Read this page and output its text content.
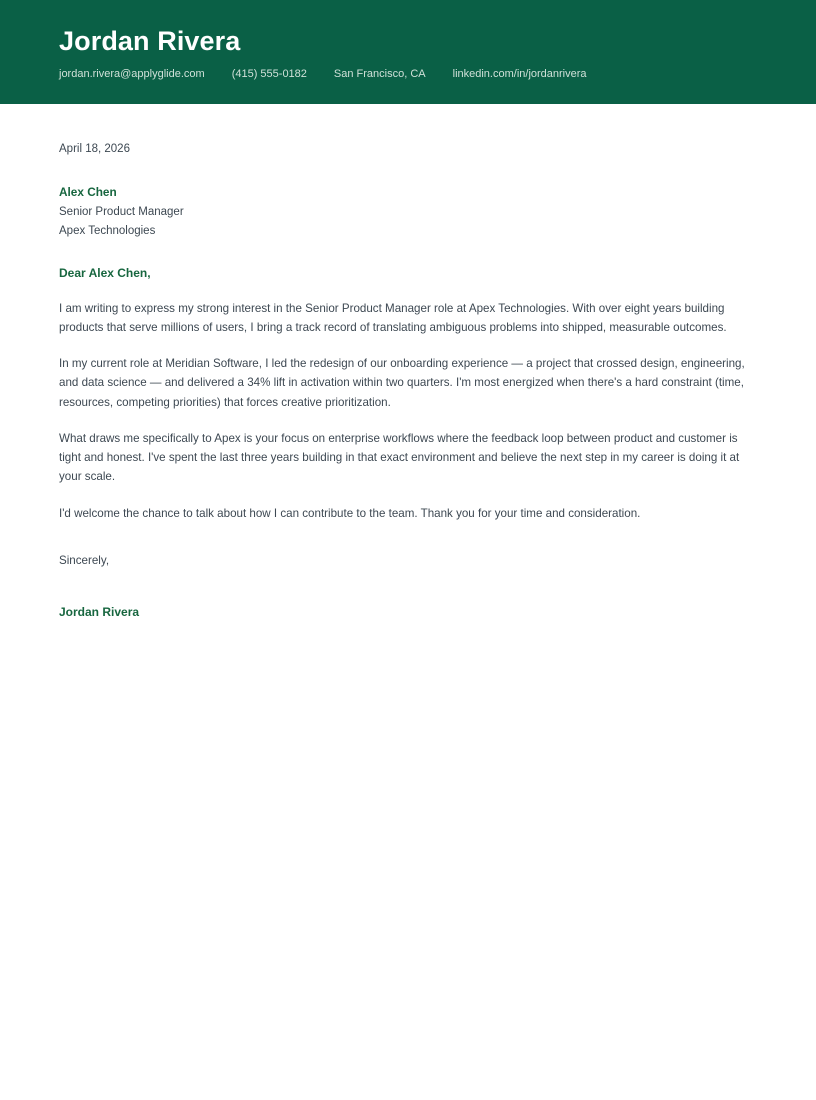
Jordan Rivera
jordan.rivera@applyglide.com (415) 555-0182 San Francisco, CA linkedin.com/in/jordanrivera
April 18, 2026
Alex Chen
Senior Product Manager
Apex Technologies
Dear Alex Chen,

I am writing to express my strong interest in the Senior Product Manager role at Apex Technologies. With over eight years building products that serve millions of users, I bring a track record of translating ambiguous problems into shipped, measurable outcomes.

In my current role at Meridian Software, I led the redesign of our onboarding experience — a project that crossed design, engineering, and data science — and delivered a 34% lift in activation within two quarters. I'm most energized when there's a hard constraint (time, resources, competing priorities) that forces creative prioritization.

What draws me specifically to Apex is your focus on enterprise workflows where the feedback loop between product and customer is tight and honest. I've spent the last three years building in that exact environment and believe the next step in my career is doing it at your scale.

I'd welcome the chance to talk about how I can contribute to the team. Thank you for your time and consideration.

Sincerely,
Jordan Rivera
